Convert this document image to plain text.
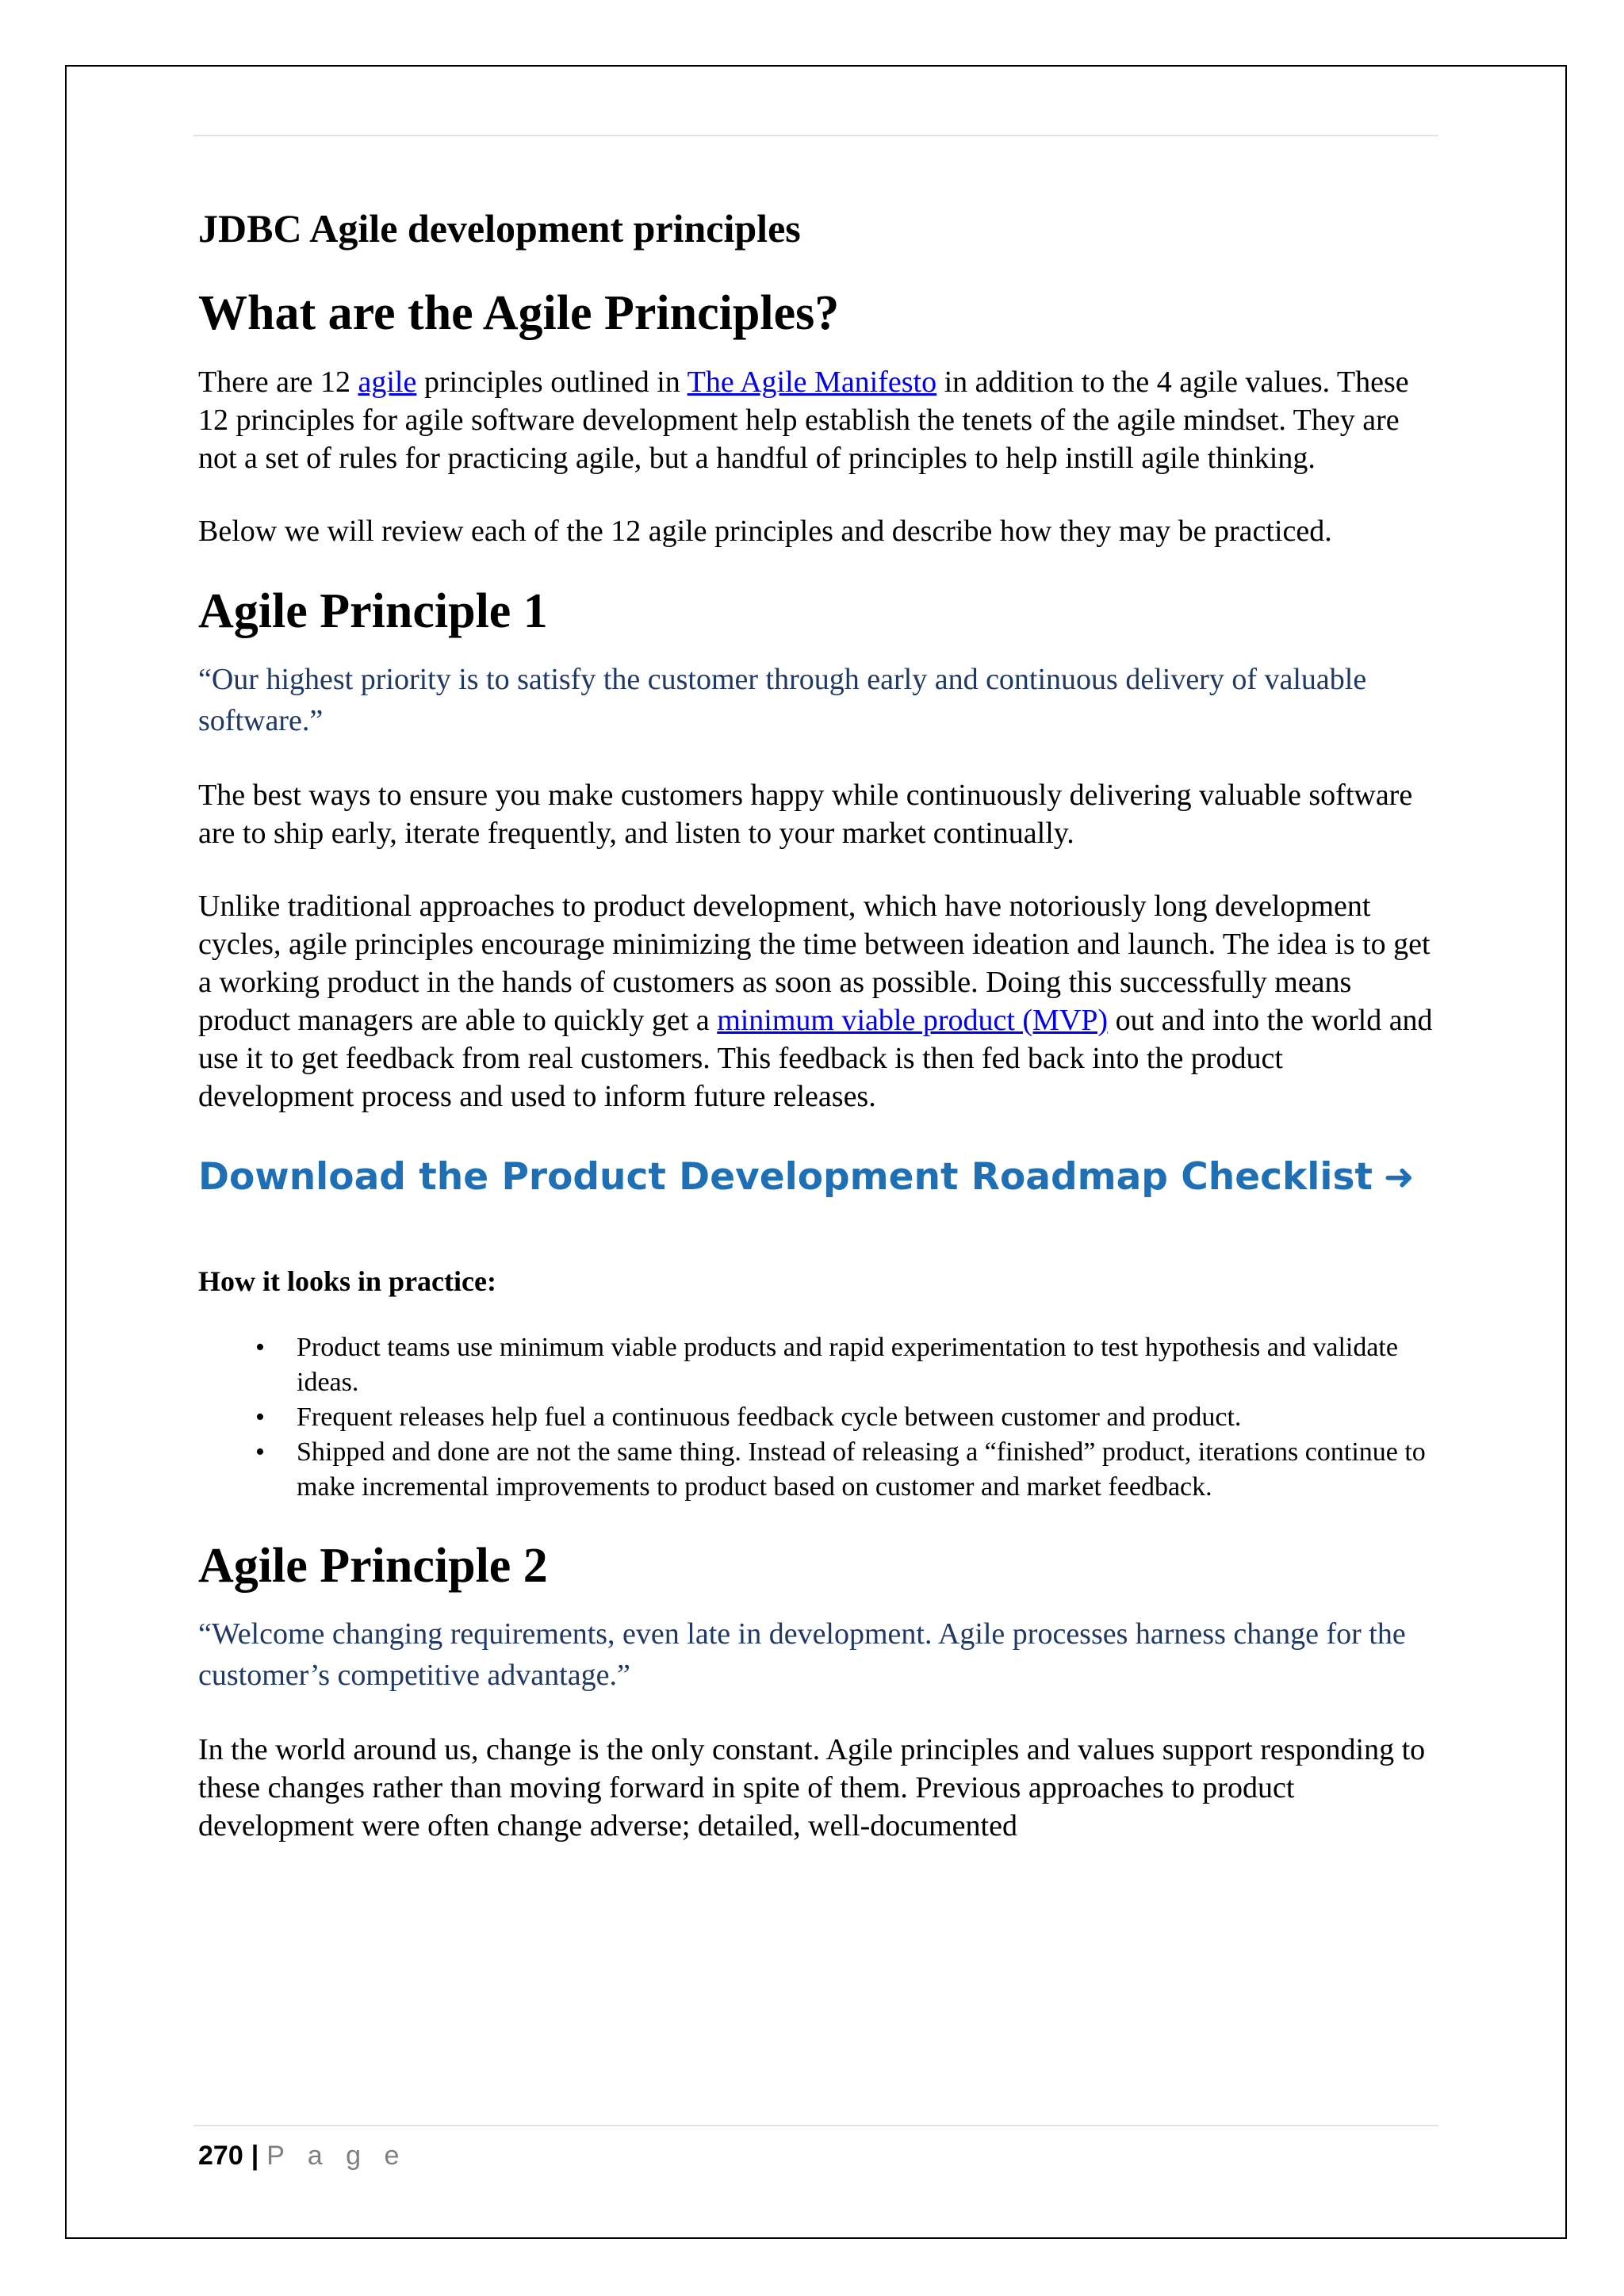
JDBC Agile development principles
What are the Agile Principles?

There are 12 agile principles outlined in The Agile Manifesto in addition to the 4 agile values. These 12 principles for agile software development help establish the tenets of the agile mindset. They are not a set of rules for practicing agile, but a handful of principles to help instill agile thinking.

Below we will review each of the 12 agile principles and describe how they may be practiced.

Agile Principle 1

“Our highest priority is to satisfy the customer through early and continuous delivery of valuable software.”

The best ways to ensure you make customers happy while continuously delivering valuable software are to ship early, iterate frequently, and listen to your market continually.

Unlike traditional approaches to product development, which have notoriously long development cycles, agile principles encourage minimizing the time between ideation and launch. The idea is to get a working product in the hands of customers as soon as possible. Doing this successfully means product managers are able to quickly get a minimum viable product (MVP) out and into the world and use it to get feedback from real customers. This feedback is then fed back into the product development process and used to inform future releases.

Download the Product Development Roadmap Checklist ➜
How it looks in practice:
• Product teams use minimum viable products and rapid experimentation to test hypothesis and validate ideas.
• Frequent releases help fuel a continuous feedback cycle between customer and product.
• Shipped and done are not the same thing. Instead of releasing a “finished” product, iterations continue to make incremental improvements to product based on customer and market feedback.
Agile Principle 2

“Welcome changing requirements, even late in development. Agile processes harness change for the customer’s competitive advantage.”

In the world around us, change is the only constant. Agile principles and values support responding to these changes rather than moving forward in spite of them. Previous approaches to product development were often change adverse; detailed, well-documented

270 | P a g e
